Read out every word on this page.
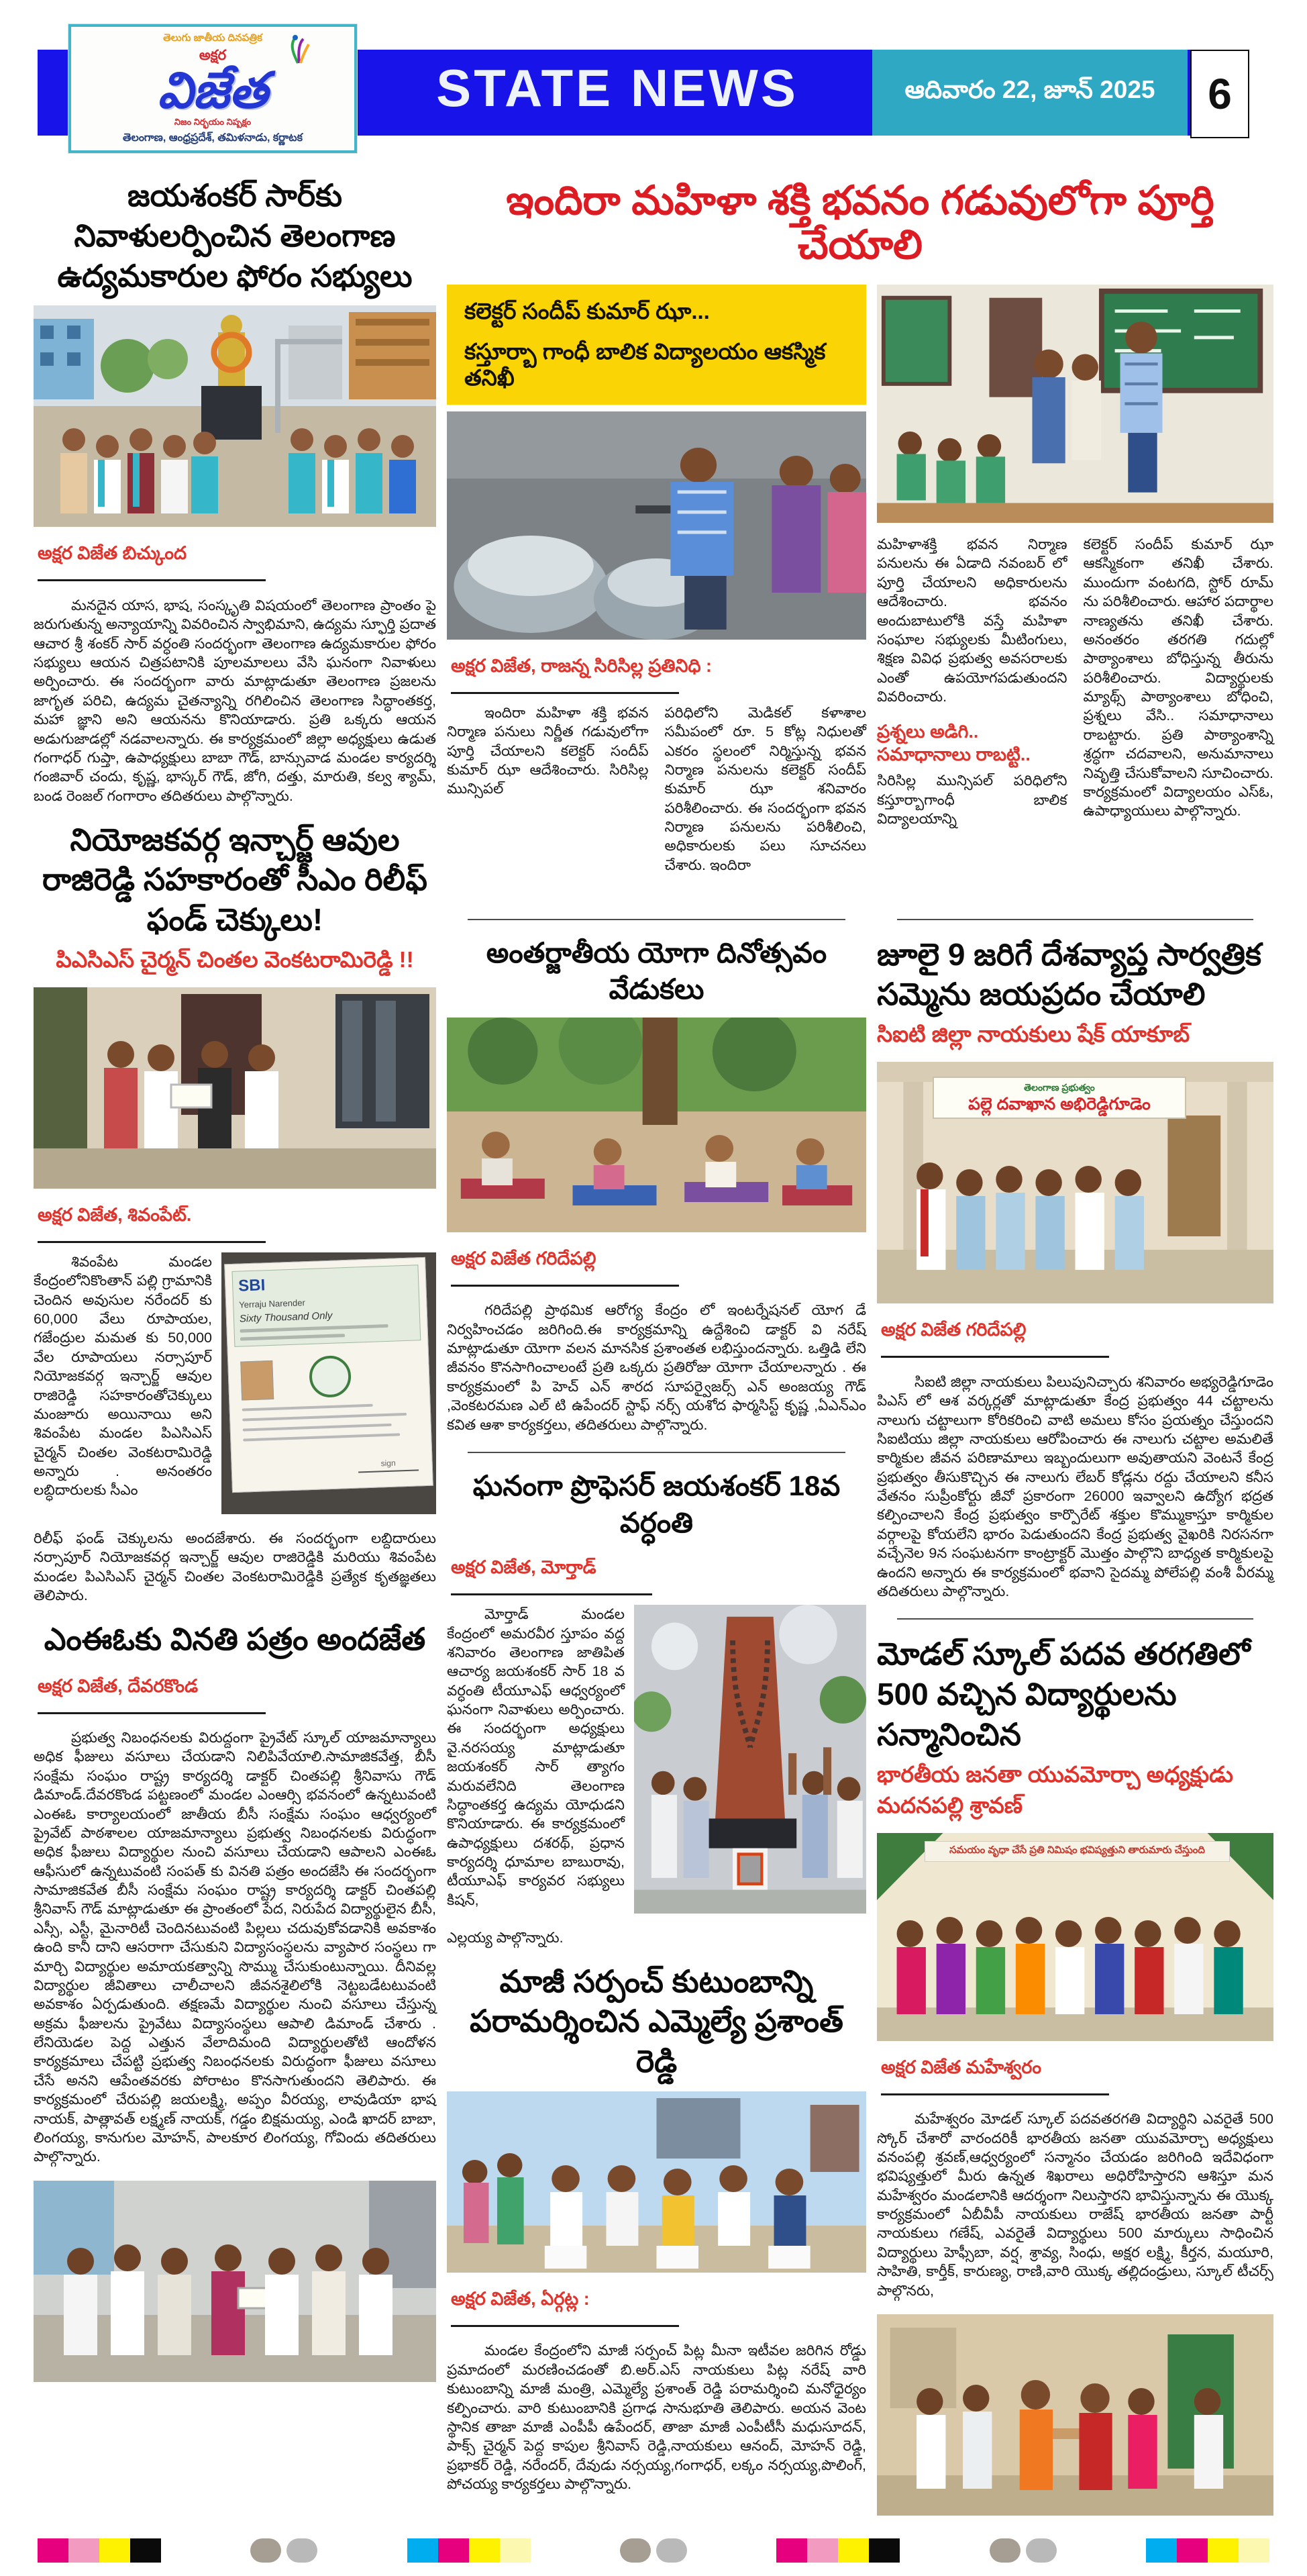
STATE NEWS	ఆదివారం 22, జూన్ 2025 6
తెలుగు జాతీయ దినపత్రిక
అక్షర
విజేత
నిజం నిర్భయం నిష్పక్షం
తెలంగాణ, ఆంధ్రప్రదేశ్, తమిళనాడు, కర్ణాటక
జయశంకర్ సార్‌కు నివాళులర్పించిన తెలంగాణ ఉద్యమకారుల ఫోరం సభ్యులు
అక్షర విజేత బిచ్కుంద

మనదైన యాస, భాష, సంస్కృతి విషయంలో తెలంగాణ ప్రాంతం పై జరుగుతున్న అన్యాయాన్ని వివరించిన స్వాభిమాని, ఉద్యమ స్ఫూర్తి ప్రదాత ఆచార శ్రీ శంకర్ సార్ వర్ధంతి సందర్భంగా తెలంగాణ ఉద్యమకారుల ఫోరం సభ్యులు ఆయన చిత్రపటానికి పూలమాలలు వేసి ఘనంగా నివాళులు అర్పించారు. ఈ సందర్భంగా వారు మాట్లాడుతూ తెలంగాణ ప్రజలను జాగృత పరిచి, ఉద్యమ చైతన్యాన్ని రగిలించిన తెలంగాణ సిద్ధాంతకర్త, మహా జ్ఞాని అని ఆయనను కొనియాడారు. ప్రతి ఒక్కరు ఆయన అడుగుజాడల్లో నడవాలన్నారు. ఈ కార్యక్రమంలో జిల్లా అధ్యక్షులు ఉడుత గంగాధర్ గుప్తా, ఉపాధ్యక్షులు బాబా గౌడ్, బాన్సువాడ మండల కార్యదర్శి గంజివార్ చందు, కృష్ణ, భాస్కర్ గౌడ్, జోగి, దత్తు, మారుతి, కల్వ శ్యామ్, బండ రెంజల్ గంగారాం తదితరులు పాల్గొన్నారు.

నియోజకవర్గ ఇన్చార్జ్ ఆవుల రాజిరెడ్డి సహకారంతో సీఎం రిలీఫ్ ఫండ్ చెక్కులు!
పిఎసిఎస్ చైర్మన్ చింతల వెంకటరామిరెడ్డి !!
అక్షర విజేత, శివంపేట్.

శివంపేట మండల కేంద్రంలోనికొంతాన్ పల్లి గ్రామానికి చెందిన అవుసుల నరేందర్ కు 60,000 వేలు రూపాయల, గజేంద్రుల మమత కు 50,000 వేల రూపాయలు నర్సాపూర్ నియోజకవర్గ ఇన్చార్జ్ ఆవుల రాజిరెడ్డి సహకారంతోచెక్కులు మంజూరు అయినాయి అని శివంపేట మండల పిఎసిఎస్ చైర్మన్ చింతల వెంకటరామిరెడ్డి అన్నారు . అనంతరం లబ్ధిదారులకు సీఎం

SBI
Yerraju Narender
Sixty Thousand Only
sign

రిలీఫ్ ఫండ్ చెక్కులను అందజేశారు. ఈ సందర్భంగా లబ్దిదారులు నర్సాపూర్ నియోజకవర్గ ఇన్చార్జ్ ఆవుల రాజిరెడ్డికి మరియు శివంపేట మండల పిఎసిఎస్ చైర్మన్ చింతల వెంకటరామిరెడ్డికి ప్రత్యేక కృతజ్ఞతలు తెలిపారు.

ఎంఈఓకు వినతి పత్రం అందజేత
అక్షర విజేత, దేవరకొండ

ప్రభుత్వ నిబంధనలకు విరుద్దంగా ప్రైవేట్ స్కూల్ యాజమాన్యాలు అధిక ఫీజులు వసూలు చేయడాని నిలిపివేయాలి.సామాజికవేత్త, బీసీ సంక్షేమ సంఘం రాష్ట్ర కార్యదర్శి డాక్టర్ చింతపల్లి శ్రీనివాసు గౌడ్ డిమాండ్.దేవరకొండ పట్టణంలో మండల ఎంఆర్సి భవనంలో ఉన్నటువంటి ఎంఈఓ కార్యాలయంలో జాతీయ బీసీ సంక్షేమ సంఘం ఆధ్వర్యంలో ప్రైవేట్ పాఠశాలల యాజమాన్యాలు ప్రభుత్వ నిబంధనలకు విరుద్ధంగా అధిక ఫీజులు విద్యార్థుల నుంచి వసూలు చేయడాని ఆపాలని ఎంఈఓ ఆఫీసులో ఉన్నటువంటి సంపత్ కు వినతి పత్రం అందజేసి ఈ సందర్భంగా సామాజికవేత బీసీ సంక్షేమ సంఘం రాష్ట్ర కార్యదర్శి డాక్టర్ చింతపల్లి శ్రీనివాస్ గౌడ్ మాట్లాడుతూ ఈ ప్రాంతంలో పేద, నిరుపేద విద్యార్థులైన బీసీ, ఎస్సీ, ఎస్టీ, మైనారిటీ చెందినటువంటి పిల్లలు చదువుకోవడానికి అవకాశం ఉంది కానీ దాని ఆసరాగా చేసుకుని విద్యాసంస్థలను వ్యాపార సంస్థలు గా మార్చి విద్యార్థుల అమాయకత్వాన్ని సొమ్ము చేసుకుంటున్నాయి. దీనివల్ల విద్యార్థుల జీవితాలు చాలీచాలని జీవనశైలిలోకి నెట్టబడేటటువంటి అవకాశం ఏర్పడుతుంది. తక్షణమే విద్యార్థుల నుంచి వసూలు చేస్తున్న అక్రమ ఫీజులను ప్రైవేటు విద్యాసంస్థలు ఆపాలి డిమాండ్ చేశారు . లేనియెడల పెద్ద ఎత్తున వేలాదిమంది విద్యార్థులతోటి ఆందోళన కార్యక్రమాలు చేపట్టి ప్రభుత్వ నిబంధనలకు విరుద్ధంగా ఫీజులు వసూలు చేసే అనని ఆపేంతవరకు పోరాటం కొనసాగుతుందని తెలిపారు. ఈ కార్యక్రమంలో చేరుపల్లి జయలక్ష్మి, అప్పం వీరయ్య, లావుడియా భాష నాయక్, పాత్లావత్ లక్ష్మణ్ నాయక్, గడ్డం బిక్షమయ్య, ఎండి ఖాదర్ బాబా, లింగయ్య, కానుగుల మోహన్, పాలకూర లింగయ్య, గోవిందు తదితరులు పాల్గొన్నారు.

ఇందిరా మహిళా శక్తి భవనం గడువులోగా పూర్తి చేయాలి
కలెక్టర్ సందీప్ కుమార్ ఝా...
కస్తూర్బా గాంధీ బాలిక విద్యాలయం ఆకస్మిక తనిఖీ
అక్షర విజేత, రాజన్న సిరిసిల్ల ప్రతినిధి :

ఇందిరా మహిళా శక్తి భవన నిర్మాణ పనులు నిర్ణీత గడువులోగా పూర్తి చేయాలని కలెక్టర్ సందీప్ కుమార్ ఝా ఆదేశించారు. సిరిసిల్ల మున్సిపల్

పరిధిలోని మెడికల్ కళాశాల సమీపంలో రూ. 5 కోట్ల నిధులతో ఎకరం స్థలంలో నిర్మిస్తున్న భవన నిర్మాణ పనులను కలెక్టర్ సందీప్ కుమార్ ఝా శనివారం పరిశీలించారు. ఈ సందర్భంగా భవన నిర్మాణ పనులను పరిశీలించి, అధికారులకు పలు సూచనలు చేశారు. ఇందిరా

మహిళాశక్తి భవన నిర్మాణ పనులను ఈ ఏడాది నవంబర్ లో పూర్తి చేయాలని అధికారులను ఆదేశించారు. భవనం అందుబాటులోకి వస్తే మహిళా సంఘాల సభ్యులకు మీటింగులు, శిక్షణ వివిధ ప్రభుత్వ అవసరాలకు ఎంతో ఉపయోగపడుతుందని వివరించారు.

ప్రశ్నలు అడిగి.. సమాధానాలు రాబట్టి..

సిరిసిల్ల మున్సిపల్ పరిధిలోని కస్తూర్బాగాంధీ బాలిక విద్యాలయాన్ని

కలెక్టర్ సందీప్ కుమార్ ఝా ఆకస్మికంగా తనిఖీ చేశారు. ముందుగా వంటగది, స్టోర్ రూమ్ ను పరిశీలించారు. ఆహార పదార్థాల నాణ్యతను తనిఖీ చేశారు. అనంతరం తరగతి గదుల్లో పాఠ్యాంశాలు బోధిస్తున్న తీరును పరిశీలించారు. విద్యార్థులకు మ్యాథ్స్ పాఠ్యాంశాలు బోధించి, ప్రశ్నలు వేసి.. సమాధానాలు రాబట్టారు. ప్రతి పాఠ్యాంశాన్ని శ్రద్ధగా చదవాలని, అనుమానాలు నివృత్తి చేసుకోవాలని సూచించారు. కార్యక్రమంలో విద్యాలయం ఎస్ఓ, ఉపాధ్యాయులు పాల్గొన్నారు.

అంతర్జాతీయ యోగా దినోత్సవం వేడుకలు
అక్షర విజేత గరిదేపల్లి

గరిదేపల్లి ప్రాథమిక ఆరోగ్య కేంద్రం లో ఇంటర్నేషనల్ యోగ డే నిర్వహించడం జరిగింది.ఈ కార్యక్రమాన్ని ఉద్దేశించి డాక్టర్ వి నరేష్ మాట్లాడుతూ యోగా వలన మానసిక ప్రశాంతత లభిస్తుందన్నారు. ఒత్తిడి లేని జీవనం కొనసాగించాలంటే ప్రతి ఒక్కరు ప్రతిరోజు యోగా చేయాలన్నారు . ఈ కార్యక్రమంలో పి హెచ్ ఎన్ శారద సూపర్వైజర్స్ ఎన్ అంజయ్య గౌడ్ ,వెంకటరమణ ఎల్ టి ఉపేందర్ స్టాఫ్ నర్స్ యశోద ఫార్మసిస్ట్ కృష్ణ ,ఏఎన్ఎం కవిత ఆశా కార్యకర్తలు, తదితరులు పాల్గొన్నారు.

ఘనంగా ప్రొఫెసర్ జయశంకర్ 18వ వర్ధంతి
అక్షర విజేత, మోర్తాడ్

మోర్తాడ్ మండల కేంద్రంలో అమరవీర స్తూపం వద్ద శనివారం తెలంగాణ జాతిపిత ఆచార్య జయశంకర్ సార్ 18 వ వర్ధంతి టీయూఎఫ్ ఆధ్వర్యంలో ఘనంగా నివాళులు అర్పించారు. ఈ సందర్భంగా అధ్యక్షులు వై.నరసయ్య మాట్లాడుతూ జయశంకర్ సార్ త్యాగం మరువలేనిది తెలంగాణ సిద్ధాంతకర్త ఉద్యమ యోధుడని కొనియాడారు. ఈ కార్యక్రమంలో ఉపాధ్యక్షులు దశరథ్, ప్రధాన కార్యదర్శి ధూమాల బాబురావు, టీయూఎఫ్ కార్యవర సభ్యులు కిషన్,

ఎల్లయ్య పాల్గొన్నారు.

మాజీ సర్పంచ్ కుటుంబాన్ని పరామర్శించిన ఎమ్మెల్యే ప్రశాంత్ రెడ్డి
అక్షర విజేత, ఏర్గట్ల :

మండల కేంద్రంలోని మాజీ సర్పంచ్ పిట్ల మీనా ఇటీవల జరిగిన రోడ్డు ప్రమాదంలో మరణించడంతో బి.అర్.ఎస్ నాయకులు పిట్ల నరేష్ వారి కుటుంబాన్ని మాజీ మంత్రి, ఎమ్మెల్యే ప్రశాంత్ రెడ్డి పరామర్శించి మనోధైర్యం కల్పించారు. వారి కుటుంబానికి ప్రగాఢ సానుభూతి తెలిపారు. అయన వెంట స్థానిక తాజా మాజీ ఎంపీపీ ఉపేందర్, తాజా మాజీ ఎంపీటీసీ మధుసూదన్, పాక్స్ చైర్మన్ పెద్ద కాపుల శ్రీనివాస్ రెడ్డి,నాయకులు ఆనంద్, మోహన్ రెడ్డి, ప్రభాకర్ రెడ్డి, నరేందర్, దేవుడు నర్సయ్య,గంగాధర్, లక్కం నర్సయ్య,పొలింగ్, పోచయ్య కార్యకర్తలు పాల్గొన్నారు.

జూలై 9 జరిగే దేశవ్యాప్త సార్వత్రిక సమ్మెను జయప్రదం చేయాలి
సిఐటి జిల్లా నాయకులు షేక్ యాకూబ్
తెలంగాణ ప్రభుత్వం
పల్లె దవాఖాన అభిరెడ్డిగూడెం
అక్షర విజేత గరిదేపల్లి

సిఐటి జిల్లా నాయకులు పిలుపునిచ్చారు శనివారం అభ్యరెడ్డిగూడెం పిఎస్ లో ఆశ వర్కర్లతో మాట్లాడుతూ కేంద్ర ప్రభుత్వం 44 చట్టాలను నాలుగు చట్టాలుగా కోరికరించి వాటి అమలు కోసం ప్రయత్నం చేస్తుందని సిఐటియు జిల్లా నాయకులు ఆరోపించారు ఈ నాలుగు చట్టాల అమలితే కార్మికుల జీవన పరిణామాలు ఇబ్బందులుగా అవుతాయని వెంటనే కేంద్ర ప్రభుత్వం తీసుకొచ్చిన ఈ నాలుగు లేబర్ కోడ్లను రద్దు చేయాలని కనీస వేతనం సుప్రీంకోర్టు జీవో ప్రకారంగా 26000 ఇవ్వాలని ఉద్యోగ భద్రత కల్పించాలని కేంద్ర ప్రభుత్వం కార్పొరేట్ శక్తుల కొమ్ముకాస్తూ కార్మికుల వర్గాలపై కోయలేని భారం పెడుతుందని కేంద్ర ప్రభుత్వ వైఖరికి నిరసనగా వచ్చేనెల 9న సంఘటనగా కాంట్రాక్టర్ మొత్తం పాల్గొని బాధ్యత కార్మికులపై ఉందని అన్నారు ఈ కార్యక్రమంలో భవాని సైదమ్మ పోలేపల్లి వంశీ వీరమ్మ తదితరులు పాల్గొన్నారు.

మోడల్ స్కూల్ పదవ తరగతిలో 500 వచ్చిన విద్యార్థులను సన్మానించిన
భారతీయ జనతా యువమోర్చా అధ్యక్షుడు మదనపల్లి శ్రావణ్
సమయం వృధా చేసే ప్రతి నిమిషం భవిష్యత్తుని తారుమారు చేస్తుంది
అక్షర విజేత మహేశ్వరం

మహేశ్వరం మోడల్ స్కూల్ పదవతరగతి విద్యార్థిని ఎవరైతే 500 స్కోర్ చేశారో వారందరికీ భారతీయ జనతా యువమోర్చా అధ్యక్షులు వనంపల్లి శ్రవణ్,ఆధ్వర్యంలో సన్మానం చేయడం జరిగింది ఇదేవిధంగా భవిష్యత్తులో మీరు ఉన్నత శిఖరాలు అధిరోహిస్తారని ఆశిస్తూ మన మహేశ్వరం మండలానికి ఆదర్శంగా నిలుస్తారని భావిస్తున్నాను ఈ యొక్క కార్యక్రమంలో ఏబీవీపీ నాయకులు రాజేష్ భారతీయ జనతా పార్టీ నాయకులు గణేష్, ఎవరైతే విద్యార్థులు 500 మార్కులు సాధించిన విద్యార్థులు హెఫ్సీబా, వర్ష, శ్రావ్య, సింధు, అక్షర లక్ష్మి, కీర్తన, మయూరి, సాహితి, కార్తీక్, కారుణ్య, రాణి,వారి యొక్క తల్లిదండ్రులు, స్కూల్ టీచర్స్ పాల్గొనరు,
